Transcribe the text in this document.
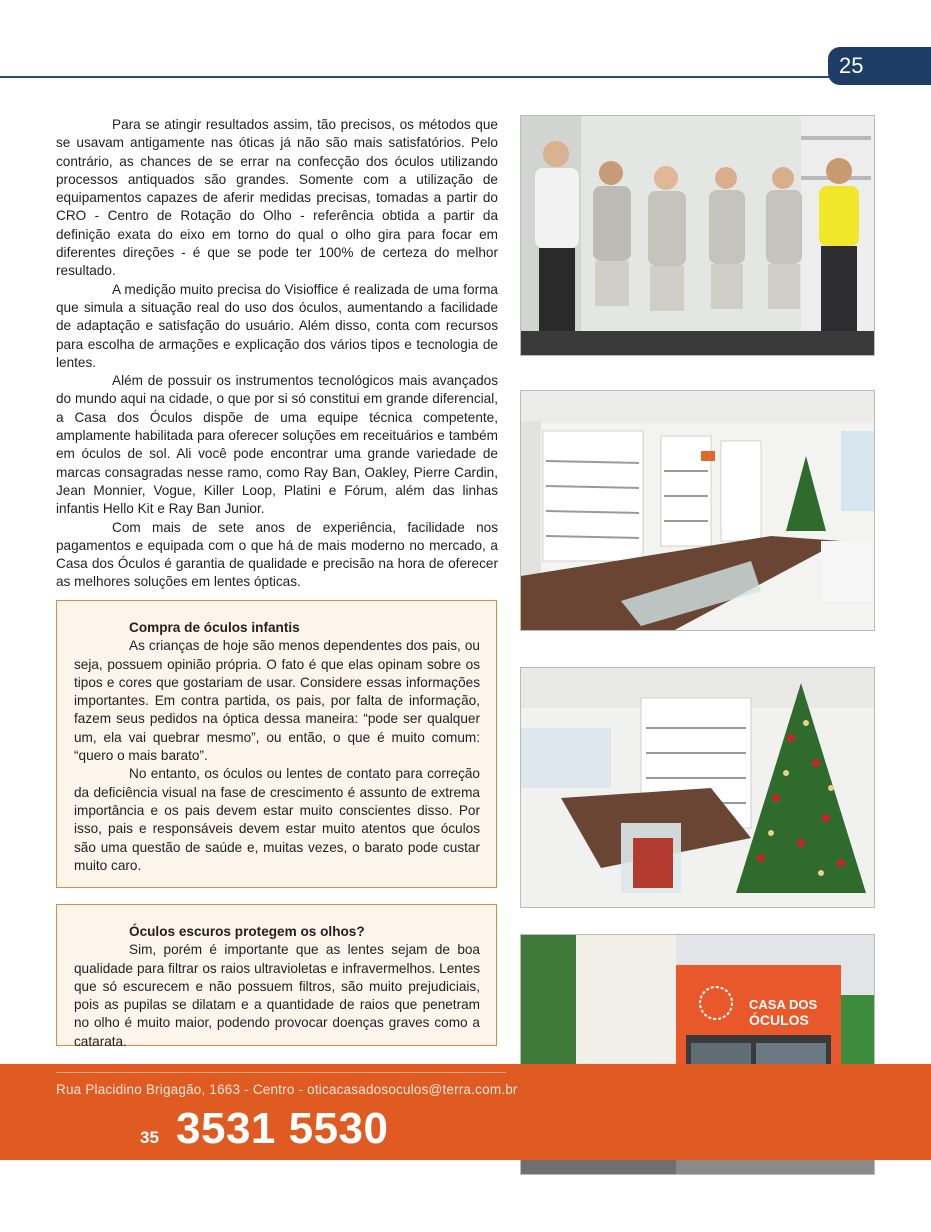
25

Para se atingir resultados assim, tão precisos, os métodos que se usavam antigamente nas óticas já não são mais satisfatórios. Pelo contrário, as chances de se errar na confecção dos óculos utilizando processos antiquados são grandes. Somente com a utilização de equipamentos capazes de aferir medidas precisas, tomadas a partir do CRO - Centro de Rotação do Olho - referência obtida a partir da definição exata do eixo em torno do qual o olho gira para focar em diferentes direções - é que se pode ter 100% de certeza do melhor resultado.

A medição muito precisa do Visioffice é realizada de uma forma que simula a situação real do uso dos óculos, aumentando a facilidade de adaptação e satisfação do usuário. Além disso, conta com recursos para escolha de armações e explicação dos vários tipos e tecnologia de lentes.

Além de possuir os instrumentos tecnológicos mais avançados do mundo aqui na cidade, o que por si só constitui em grande diferencial, a Casa dos Óculos dispõe de uma equipe técnica competente, amplamente habilitada para oferecer soluções em receituários e também em óculos de sol. Ali você pode encontrar uma grande variedade de marcas consagradas nesse ramo, como Ray Ban, Oakley, Pierre Cardin, Jean Monnier, Vogue, Killer Loop, Platini e Fórum, além das linhas infantis Hello Kit e Ray Ban Junior.

Com mais de sete anos de experiência, facilidade nos pagamentos e equipada com o que há de mais moderno no mercado, a Casa dos Óculos é garantia de qualidade e precisão na hora de oferecer as melhores soluções em lentes ópticas.

Compra de óculos infantis

As crianças de hoje são menos dependentes dos pais, ou seja, possuem opinião própria. O fato é que elas opinam sobre os tipos e cores que gostariam de usar. Considere essas informações importantes. Em contra partida, os pais, por falta de informação, fazem seus pedidos na óptica dessa maneira: “pode ser qualquer um, ela vai quebrar mesmo”, ou então, o que é muito comum: “quero o mais barato”.

No entanto, os óculos ou lentes de contato para correção da deficiência visual na fase de crescimento é assunto de extrema importância e os pais devem estar muito conscientes disso. Por isso, pais e responsáveis devem estar muito atentos que óculos são uma questão de saúde e, muitas vezes, o barato pode custar muito caro.

Óculos escuros protegem os olhos?

Sim, porém é importante que as lentes sejam de boa qualidade para filtrar os raios ultravioletas e infravermelhos. Lentes que só escurecem e não possuem filtros, são muito prejudiciais, pois as pupilas se dilatam e a quantidade de raios que penetram no olho é muito maior, podendo provocar doenças graves como a catarata.

CASA DOS
ÓCULOS
Rua Placidino Brigagão, 1663 - Centro - oticacasadosoculos@terra.com.br
35 3531 5530
